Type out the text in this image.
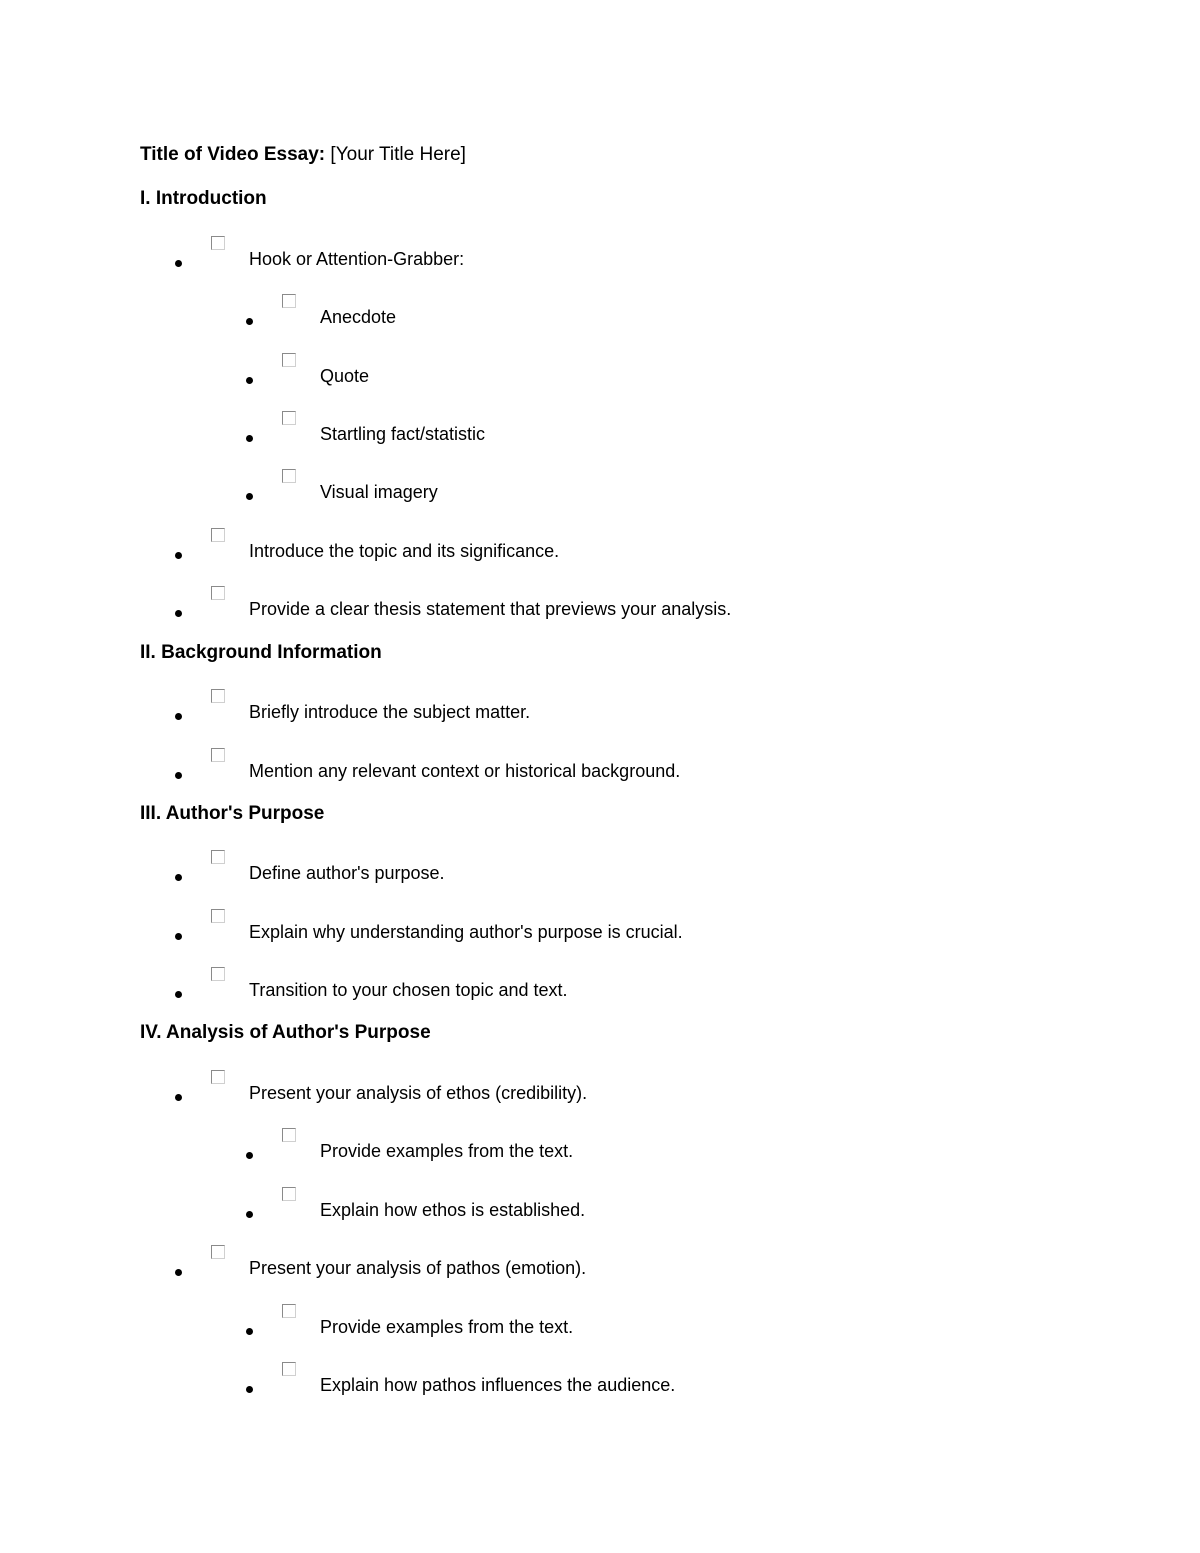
Title of Video Essay: [Your Title Here]
I. Introduction
Hook or Attention-Grabber:
Anecdote
Quote
Startling fact/statistic
Visual imagery
Introduce the topic and its significance.
Provide a clear thesis statement that previews your analysis.
II. Background Information
Briefly introduce the subject matter.
Mention any relevant context or historical background.
III. Author's Purpose
Define author's purpose.
Explain why understanding author's purpose is crucial.
Transition to your chosen topic and text.
IV. Analysis of Author's Purpose
Present your analysis of ethos (credibility).
Provide examples from the text.
Explain how ethos is established.
Present your analysis of pathos (emotion).
Provide examples from the text.
Explain how pathos influences the audience.
